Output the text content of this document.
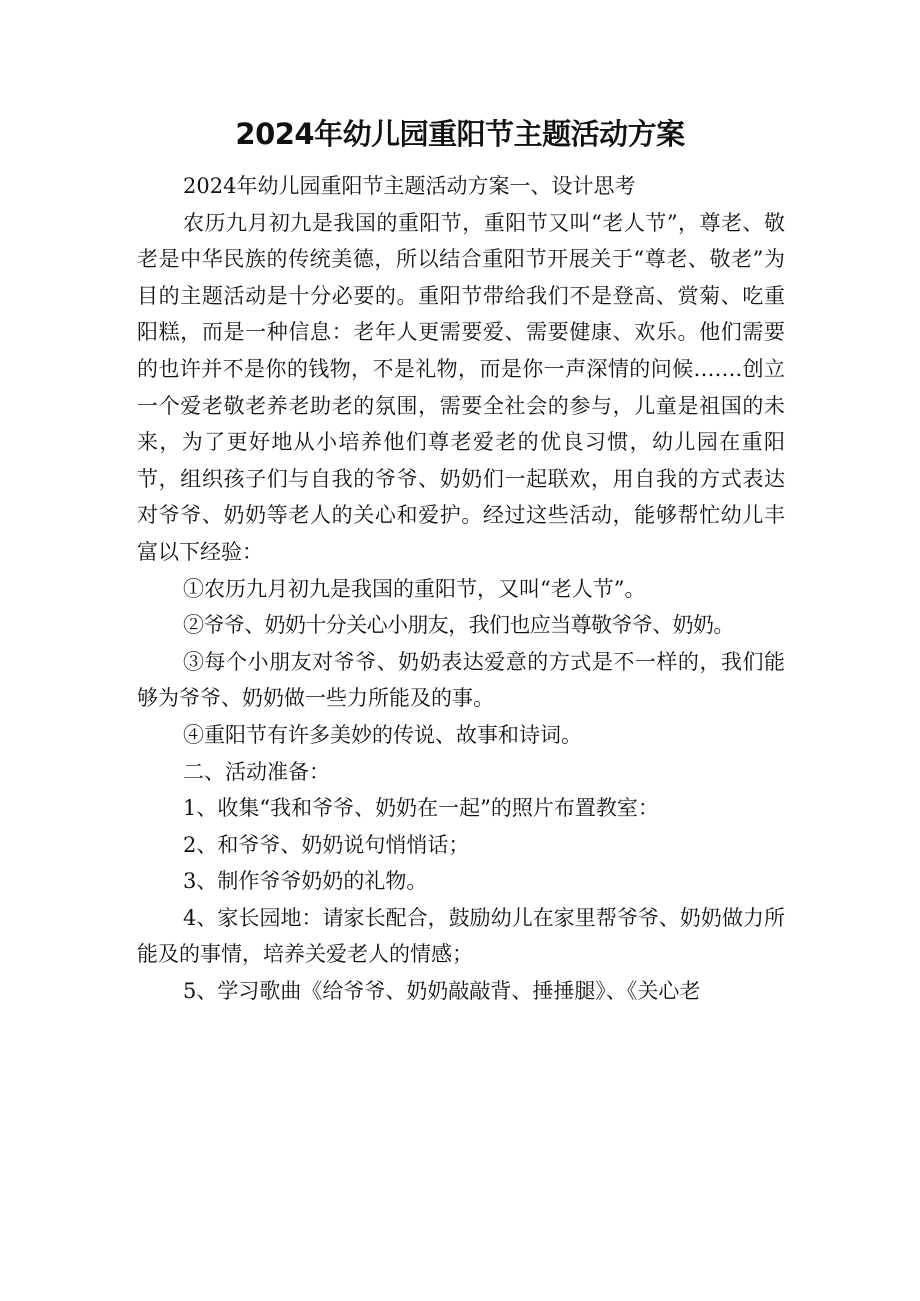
2024年幼儿园重阳节主题活动方案

2024年幼儿园重阳节主题活动方案一、设计思考

农历九月初九是我国的重阳节，重阳节又叫“老人节”，尊老、敬老是中华民族的传统美德，所以结合重阳节开展关于“尊老、敬老”为目的主题活动是十分必要的。重阳节带给我们不是登高、赏菊、吃重阳糕，而是一种信息：老年人更需要爱、需要健康、欢乐。他们需要的也许并不是你的钱物，不是礼物，而是你一声深情的问候…….创立一个爱老敬老养老助老的氛围，需要全社会的参与，儿童是祖国的未来，为了更好地从小培养他们尊老爱老的优良习惯，幼儿园在重阳节，组织孩子们与自我的爷爷、奶奶们一起联欢，用自我的方式表达对爷爷、奶奶等老人的关心和爱护。经过这些活动，能够帮忙幼儿丰富以下经验：

①农历九月初九是我国的重阳节，又叫“老人节”。

②爷爷、奶奶十分关心小朋友，我们也应当尊敬爷爷、奶奶。

③每个小朋友对爷爷、奶奶表达爱意的方式是不一样的，我们能够为爷爷、奶奶做一些力所能及的事。

④重阳节有许多美妙的传说、故事和诗词。

二、活动准备：

1、收集“我和爷爷、奶奶在一起”的照片布置教室：

2、和爷爷、奶奶说句悄悄话；

3、制作爷爷奶奶的礼物。

4、家长园地：请家长配合，鼓励幼儿在家里帮爷爷、奶奶做力所能及的事情，培养关爱老人的情感；

5、学习歌曲《给爷爷、奶奶敲敲背、捶捶腿》、《关心老
